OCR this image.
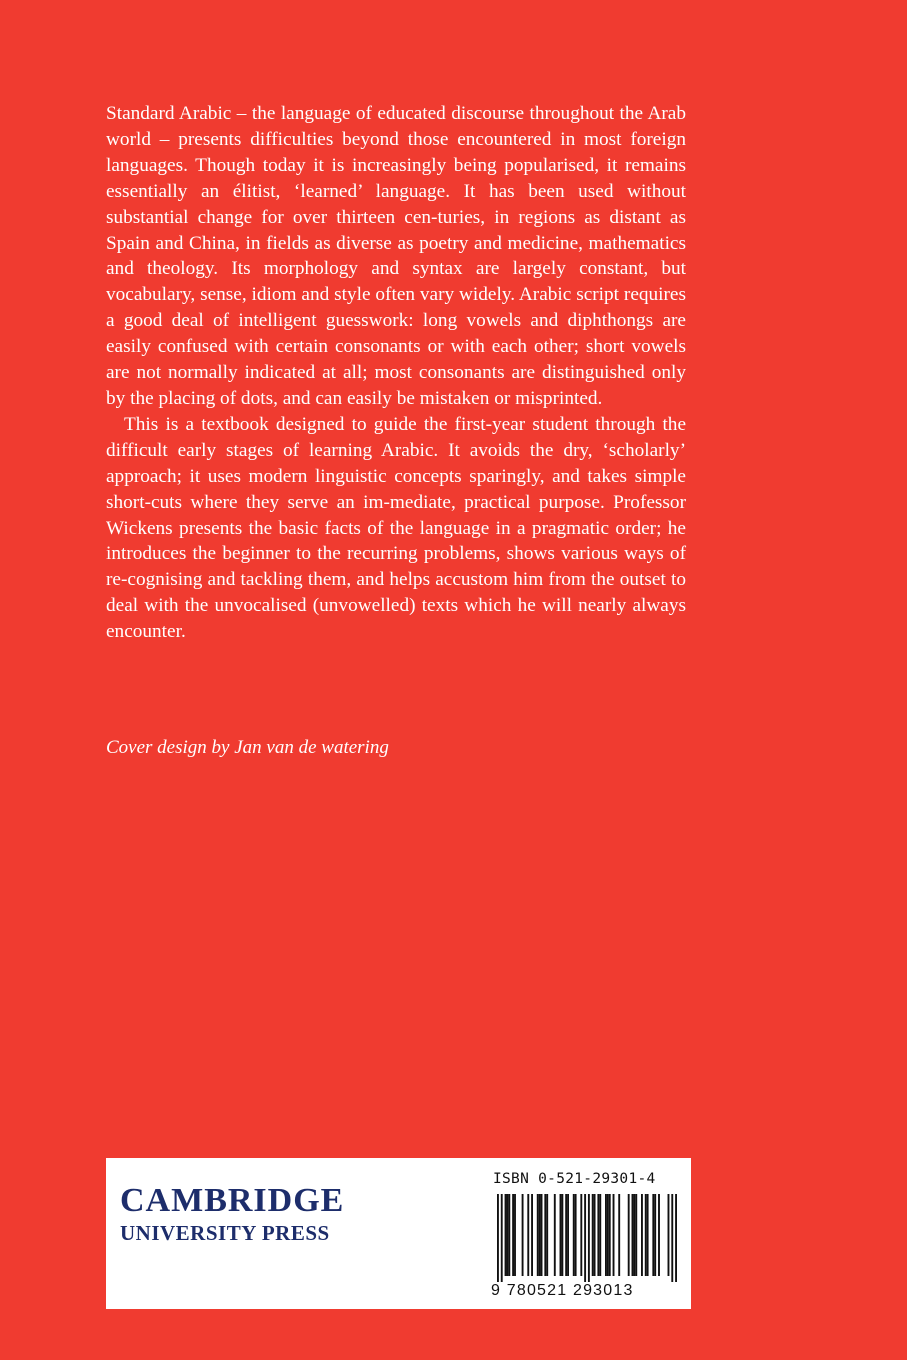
Standard Arabic – the language of educated discourse throughout the Arab world – presents difficulties beyond those encountered in most foreign languages. Though today it is increasingly being popularised, it remains essentially an élitist, ‘learned’ language. It has been used without substantial change for over thirteen cen-turies, in regions as distant as Spain and China, in fields as diverse as poetry and medicine, mathematics and theology. Its morphology and syntax are largely constant, but vocabulary, sense, idiom and style often vary widely. Arabic script requires a good deal of intelligent guesswork: long vowels and diphthongs are easily confused with certain consonants or with each other; short vowels are not normally indicated at all; most consonants are distinguished only by the placing of dots, and can easily be mistaken or misprinted.

This is a textbook designed to guide the first-year student through the difficult early stages of learning Arabic. It avoids the dry, ‘scholarly’ approach; it uses modern linguistic concepts sparingly, and takes simple short-cuts where they serve an im-mediate, practical purpose. Professor Wickens presents the basic facts of the language in a pragmatic order; he introduces the beginner to the recurring problems, shows various ways of re-cognising and tackling them, and helps accustom him from the outset to deal with the unvocalised (unvowelled) texts which he will nearly always encounter.

Cover design by Jan van de watering
CAMBRIDGE
UNIVERSITY PRESS
ISBN 0-521-29301-4
9 780521 293013
